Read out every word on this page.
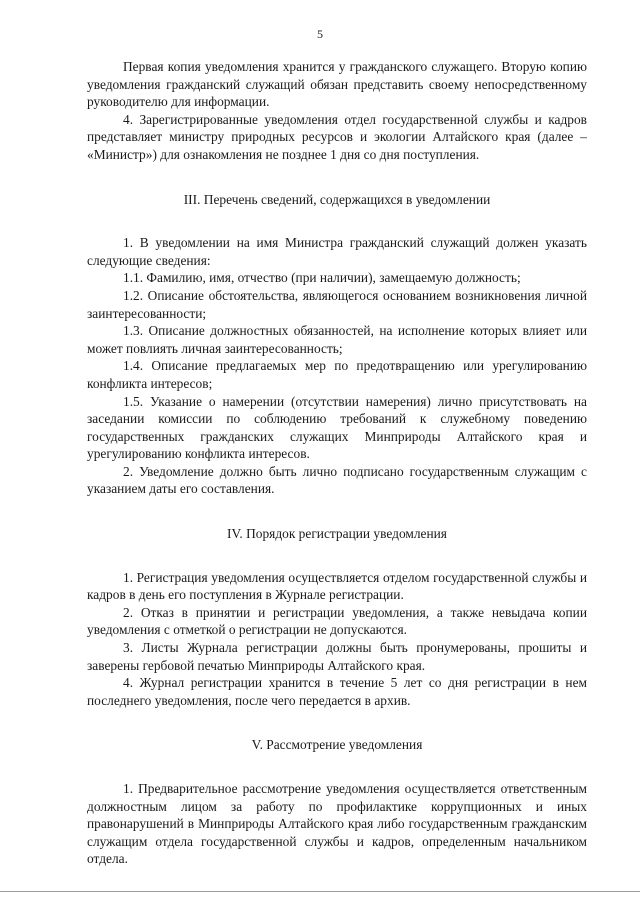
5

Первая копия уведомления хранится у гражданского служащего. Вторую копию уведомления гражданский служащий обязан представить своему непосредственному руководителю для информации.

4. Зарегистрированные уведомления отдел государственной службы и кадров представляет министру природных ресурсов и экологии Алтайского края (далее – «Министр») для ознакомления не позднее 1 дня со дня поступления.

III. Перечень сведений, содержащихся в уведомлении

1. В уведомлении на имя Министра гражданский служащий должен указать следующие сведения:

1.1. Фамилию, имя, отчество (при наличии), замещаемую должность;

1.2. Описание обстоятельства, являющегося основанием возникновения личной заинтересованности;

1.3. Описание должностных обязанностей, на исполнение которых влияет или может повлиять личная заинтересованность;

1.4. Описание предлагаемых мер по предотвращению или урегулированию конфликта интересов;

1.5. Указание о намерении (отсутствии намерения) лично присутствовать на заседании комиссии по соблюдению требований к служебному поведению государственных гражданских служащих Минприроды Алтайского края и урегулированию конфликта интересов.

2. Уведомление должно быть лично подписано государственным служащим с указанием даты его составления.

IV. Порядок регистрации уведомления

1. Регистрация уведомления осуществляется отделом государственной службы и кадров в день его поступления в Журнале регистрации.

2. Отказ в принятии и регистрации уведомления, а также невыдача копии уведомления с отметкой о регистрации не допускаются.

3. Листы Журнала регистрации должны быть пронумерованы, прошиты и заверены гербовой печатью Минприроды Алтайского края.

4. Журнал регистрации хранится в течение 5 лет со дня регистрации в нем последнего уведомления, после чего передается в архив.

V. Рассмотрение уведомления

1. Предварительное рассмотрение уведомления осуществляется ответственным должностным лицом за работу по профилактике коррупционных и иных правонарушений в Минприроды Алтайского края либо государственным гражданским служащим отдела государственной службы и кадров, определенным начальником отдела.
